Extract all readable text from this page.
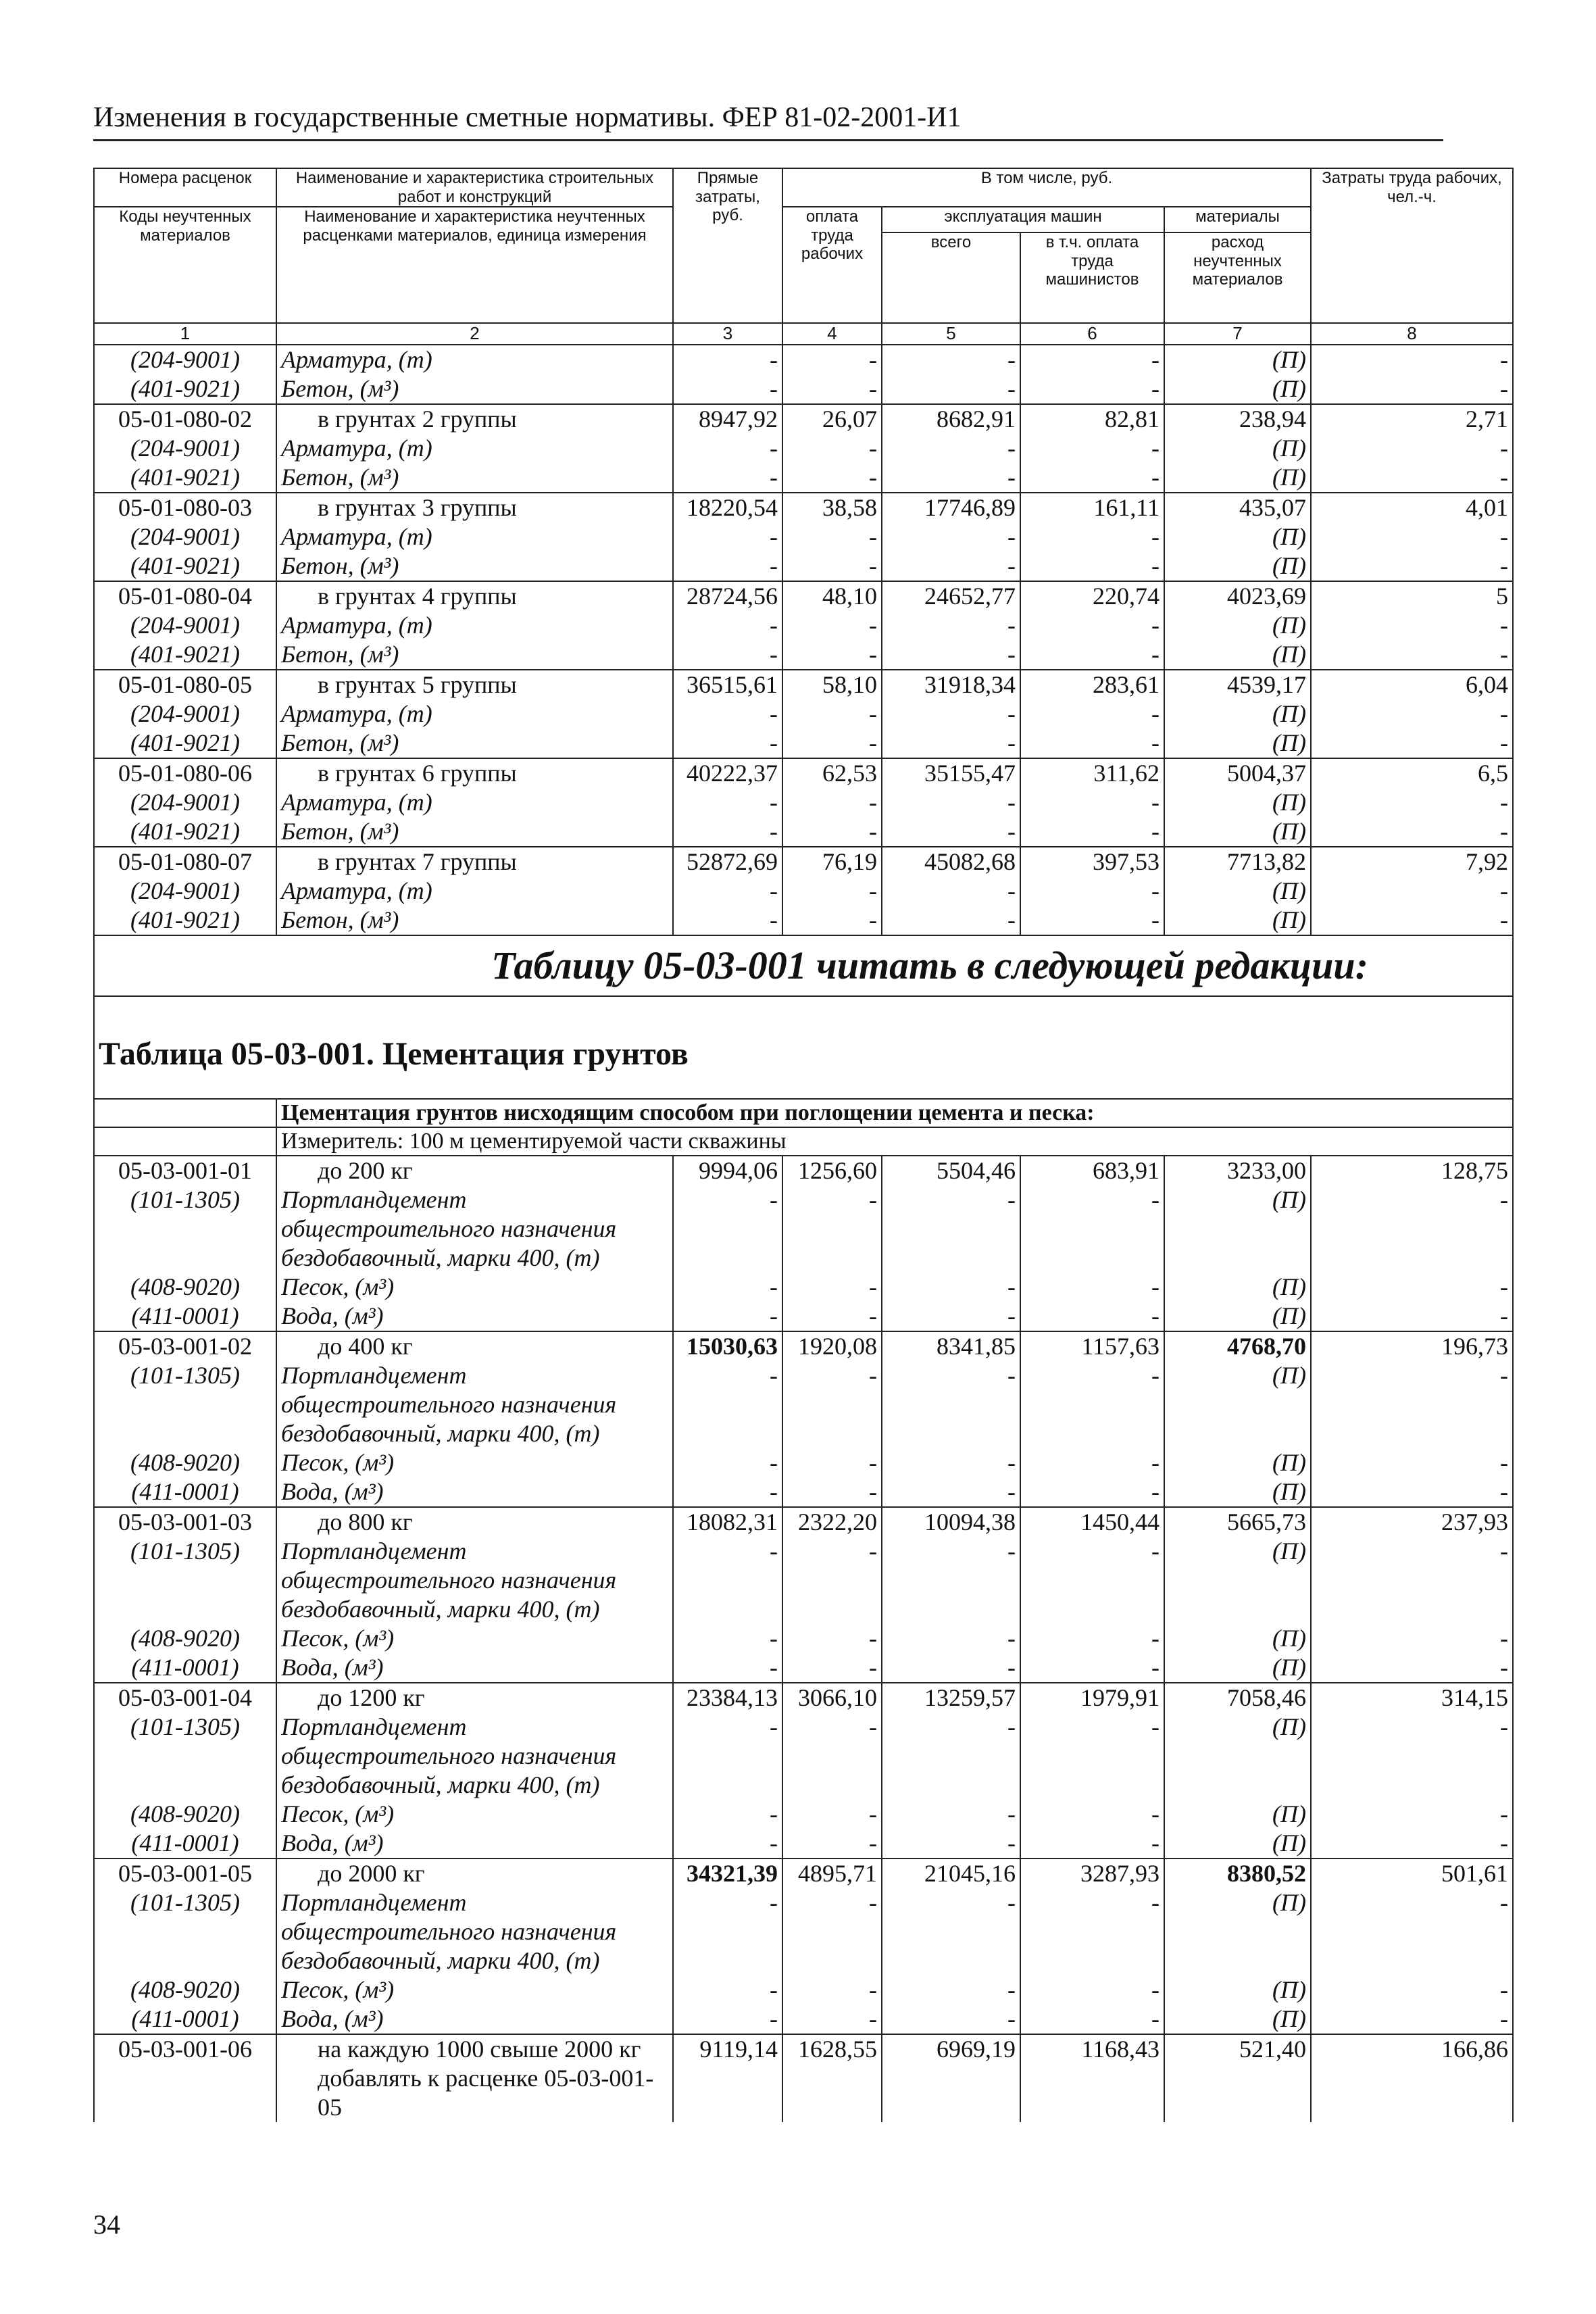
Изменения в государственные сметные нормативы. ФЕР 81-02-2001-И1
Номера расценок	Наименование и характеристика строительных работ и конструкций	Прямые затраты, руб.	В том числе, руб.				Затраты труда рабочих, чел.-ч.
Коды неучтенных материалов	Наименование и характеристика неучтенных расценками материалов, единица измерения		оплата труда рабочих	эксплуатация машин		материалы	
				всего	в т.ч. оплата труда машинистов	расход неучтенных материалов	
1	2	3	4	5	6	7	8
(204-9001)	Арматура, (т)	-	-	-	-	(П)	-
(401-9021)	Бетон, (м³)	-	-	-	-	(П)	-
05-01-080-02	в грунтах 2 группы	8947,92	26,07	8682,91	82,81	238,94	2,71
(204-9001)	Арматура, (т)	-	-	-	-	(П)	-
(401-9021)	Бетон, (м³)	-	-	-	-	(П)	-
05-01-080-03	в грунтах 3 группы	18220,54	38,58	17746,89	161,11	435,07	4,01
(204-9001)	Арматура, (т)	-	-	-	-	(П)	-
(401-9021)	Бетон, (м³)	-	-	-	-	(П)	-
05-01-080-04	в грунтах 4 группы	28724,56	48,10	24652,77	220,74	4023,69	5
(204-9001)	Арматура, (т)	-	-	-	-	(П)	-
(401-9021)	Бетон, (м³)	-	-	-	-	(П)	-
05-01-080-05	в грунтах 5 группы	36515,61	58,10	31918,34	283,61	4539,17	6,04
(204-9001)	Арматура, (т)	-	-	-	-	(П)	-
(401-9021)	Бетон, (м³)	-	-	-	-	(П)	-
05-01-080-06	в грунтах 6 группы	40222,37	62,53	35155,47	311,62	5004,37	6,5
(204-9001)	Арматура, (т)	-	-	-	-	(П)	-
(401-9021)	Бетон, (м³)	-	-	-	-	(П)	-
05-01-080-07	в грунтах 7 группы	52872,69	76,19	45082,68	397,53	7713,82	7,92
(204-9001)	Арматура, (т)	-	-	-	-	(П)	-
(401-9021)	Бетон, (м³)	-	-	-	-	(П)	-
Таблицу 05-03-001 читать в следующей редакции:							
Таблица 05-03-001. Цементация грунтов							
	Цементация грунтов нисходящим способом при поглощении цемента и песка:						
	Измеритель: 100 м цементируемой части скважины						
05-03-001-01	до 200 кг	9994,06	1256,60	5504,46	683,91	3233,00	128,75
(101-1305)	Портландцемент общестроительного назначения бездобавочный, марки 400, (т)	-	-	-	-	(П)	-
(408-9020)	Песок, (м³)	-	-	-	-	(П)	-
(411-0001)	Вода, (м³)	-	-	-	-	(П)	-
05-03-001-02	до 400 кг	15030,63	1920,08	8341,85	1157,63	4768,70	196,73
(101-1305)	Портландцемент общестроительного назначения бездобавочный, марки 400, (т)	-	-	-	-	(П)	-
(408-9020)	Песок, (м³)	-	-	-	-	(П)	-
(411-0001)	Вода, (м³)	-	-	-	-	(П)	-
05-03-001-03	до 800 кг	18082,31	2322,20	10094,38	1450,44	5665,73	237,93
(101-1305)	Портландцемент общестроительного назначения бездобавочный, марки 400, (т)	-	-	-	-	(П)	-
(408-9020)	Песок, (м³)	-	-	-	-	(П)	-
(411-0001)	Вода, (м³)	-	-	-	-	(П)	-
05-03-001-04	до 1200 кг	23384,13	3066,10	13259,57	1979,91	7058,46	314,15
(101-1305)	Портландцемент общестроительного назначения бездобавочный, марки 400, (т)	-	-	-	-	(П)	-
(408-9020)	Песок, (м³)	-	-	-	-	(П)	-
(411-0001)	Вода, (м³)	-	-	-	-	(П)	-
05-03-001-05	до 2000 кг	34321,39	4895,71	21045,16	3287,93	8380,52	501,61
(101-1305)	Портландцемент общестроительного назначения бездобавочный, марки 400, (т)	-	-	-	-	(П)	-
(408-9020)	Песок, (м³)	-	-	-	-	(П)	-
(411-0001)	Вода, (м³)	-	-	-	-	(П)	-
05-03-001-06	на каждую 1000 свыше 2000 кг добавлять к расценке 05-03-001-05	9119,14	1628,55	6969,19	1168,43	521,40	166,86
34
